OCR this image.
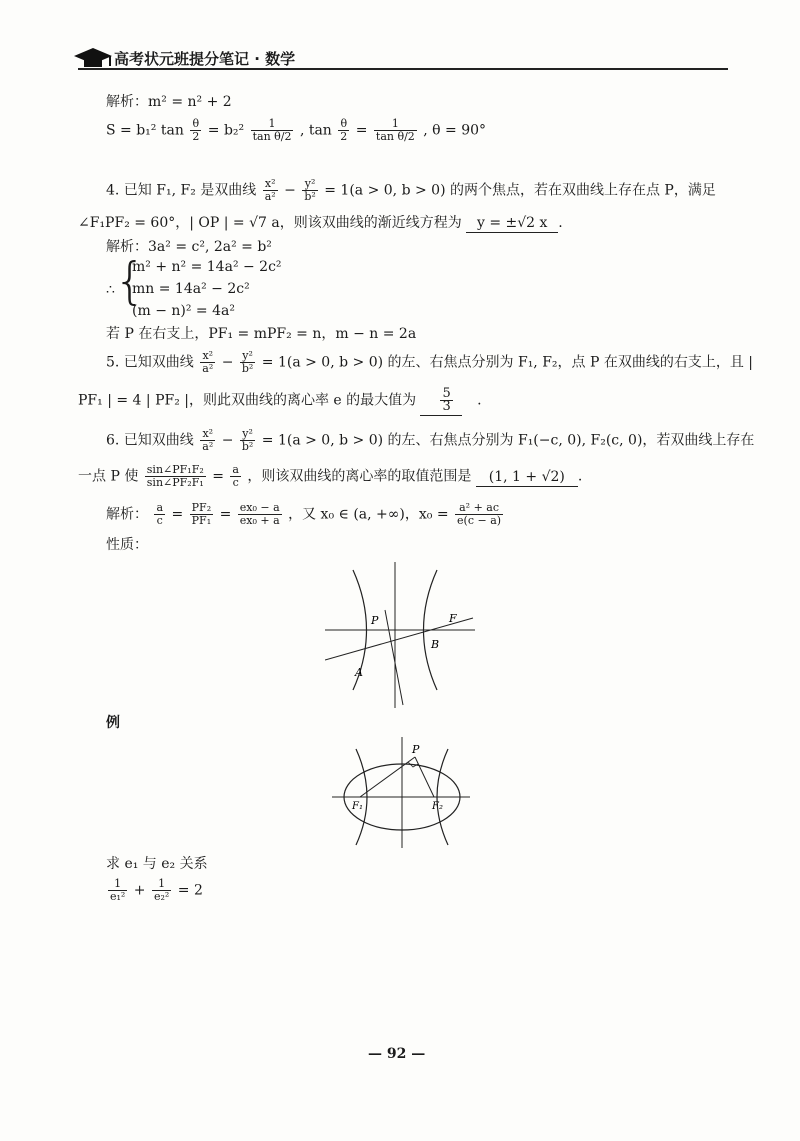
高考状元班提分笔记 · 数学
解析：m² = n² + 2
S = b₁² $\tan \frac{\theta}{2} = b_2^2 \frac{1}{\text{tan θ/2}}$ , $\tan \frac{\theta}{2} = \frac{1}{\text{tan θ/2}}$ , θ = 90°
4. 已知 F₁, F₂ 是双曲线 $\frac{\text{x²}}{\text{a²}} - \frac{\text{y²}}{\text{b²}} = 1(a > 0$, b > 0) 的两个焦点，若在双曲线上存在点 P，满足
∠F₁PF₂ = 60°，| OP | = √7 a，则该双曲线的渐近线方程为 y = ±√2 x .
解析：3a² = c², 2a² = b²
∴ {
m² + n² = 14a² − 2c²
mn = 14a² − 2c²
(m − n)² = 4a²
若 P 在右支上，PF₁ = mPF₂ = n，m − n = 2a
5. 已知双曲线 $\frac{\text{x²}}{\text{a²}} - \frac{\text{y²}}{\text{b²}} = 1(a > 0$, b > 0) 的左、右焦点分别为 F₁, F₂，点 P 在双曲线的右支上，且 |
PF₁ | = 4 | PF₂ |，则此双曲线的离心率 e 的最大值为 $\frac{5}{3}$ .
6. 已知双曲线 $\frac{\text{x²}}{\text{a²}} - \frac{\text{y²}}{\text{b²}} = 1(a > 0$, b > 0) 的左、右焦点分别为 F₁(−c, 0), F₂(c, 0)，若双曲线上存在
一点 P 使 $\frac{\text{sin∠PF₁F₂}}{\text{sin∠PF₂F₁}} = \frac{a}{c}$ ，则该双曲线的离心率的取值范围是 (1, 1 + √2) .
解析： $\frac{a}{c} = \frac{\text{PF₂}}{\text{PF₁}} = \frac{\text{ex₀ − a}}{\text{ex₀ + a}}$ ，又 x₀ ∈ (a, +∞)，$x_0 = \frac{\text{a² + ac}}{e(c - a)}$
性质：
P	F
A
B
例
P
F₁	F₂
求 e₁ 与 e₂ 关系
$\frac{1}{\text{e₁²}} + \frac{1}{\text{e₂²}} = 2$
— 92 —
